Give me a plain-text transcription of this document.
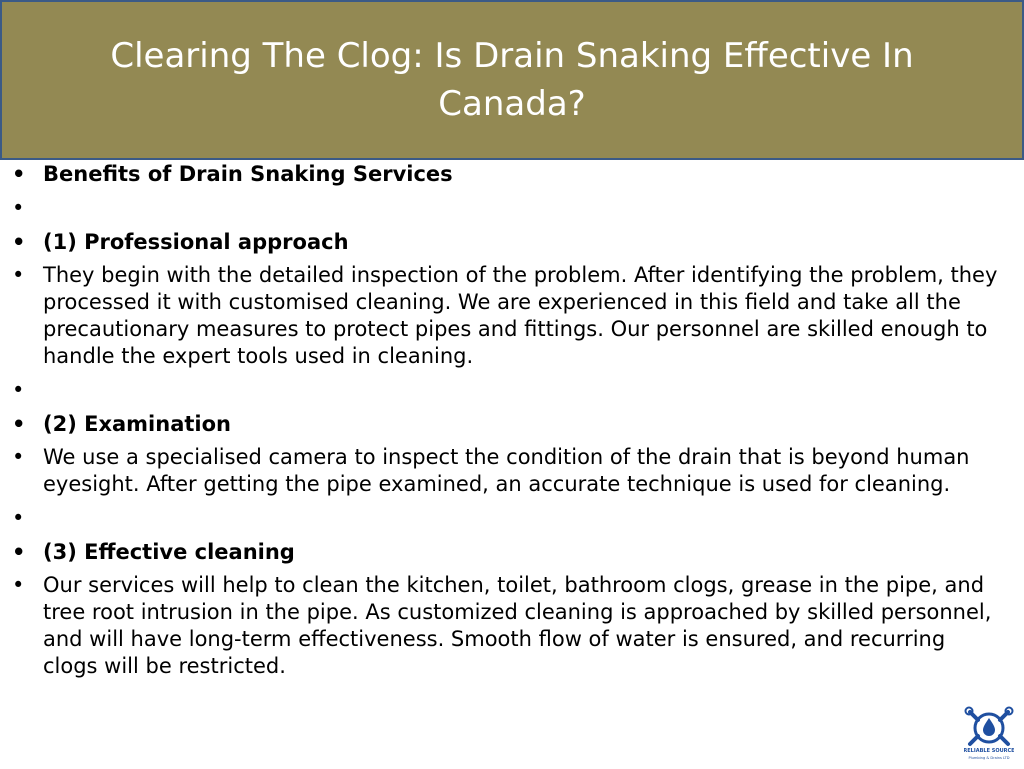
Clearing The Clog: Is Drain Snaking Effective In Canada?
• Benefits of Drain Snaking Services
•
• (1) Professional approach
• They begin with the detailed inspection of the problem. After identifying the problem, they processed it with customised cleaning. We are experienced in this field and take all the precautionary measures to protect pipes and fittings. Our personnel are skilled enough to handle the expert tools used in cleaning.
•
• (2) Examination
• We use a specialised camera to inspect the condition of the drain that is beyond human eyesight. After getting the pipe examined, an accurate technique is used for cleaning.
•
• (3) Effective cleaning
• Our services will help to clean the kitchen, toilet, bathroom clogs, grease in the pipe, and tree root intrusion in the pipe. As customized cleaning is approached by skilled personnel, and will have long-term effectiveness. Smooth flow of water is ensured, and recurring clogs will be restricted.
RELIABLE SOURCE
Plumbing & Drains LTD
